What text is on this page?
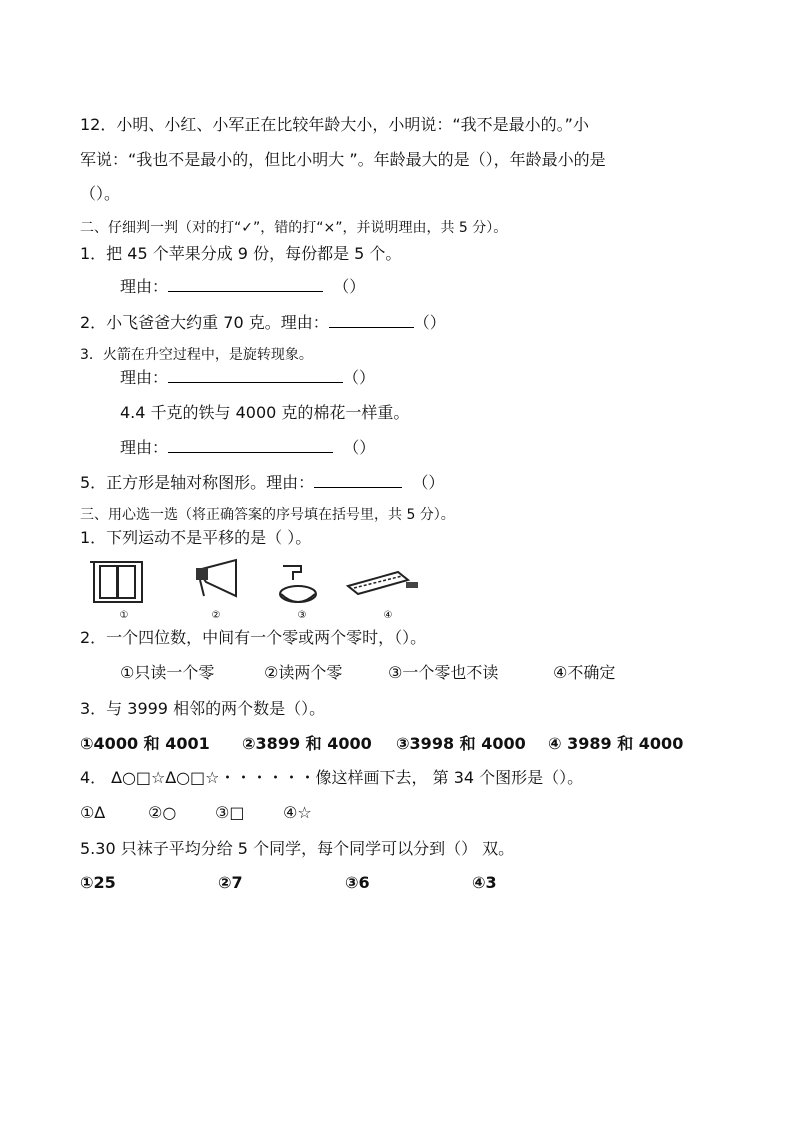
12．小明、小红、小军正在比较年龄大小，小明说：“我不是最小的。”小
军说：“我也不是最小的，但比小明大 ”。年龄最大的是（），年龄最小的是
（）。
二、仔细判一判（对的打“✓”，错的打“×”，并说明理由，共 5 分）。
1．把 45 个苹果分成 9 份，每份都是 5 个。
理由：	（）
2．小飞爸爸大约重 70 克。理由：	（）
3．火箭在升空过程中，是旋转现象。
理由：	（）
4.4 千克的铁与 4000 克的棉花一样重。
理由：	（）
5．正方形是轴对称图形。理由：	（）
三、用心选一选（将正确答案的序号填在括号里，共 5 分）。
1．下列运动不是平移的是（ ）。
①	②	③	④
2．一个四位数，中间有一个零或两个零时，（）。
①只读一个零	②读两个零	③一个零也不读	④不确定
3．与 3999 相邻的两个数是（）。
①4000 和 4001 ②3899 和 4000 ③3998 和 4000 ④ 3989 和 4000
4． ∆○□☆∆○□☆・・・・・・像这样画下去， 第 34 个图形是（）。
①∆	②○ ③□ ④☆
5.30 只袜子平均分给 5 个同学，每个同学可以分到（） 双。
①25	②7	③6	④3
